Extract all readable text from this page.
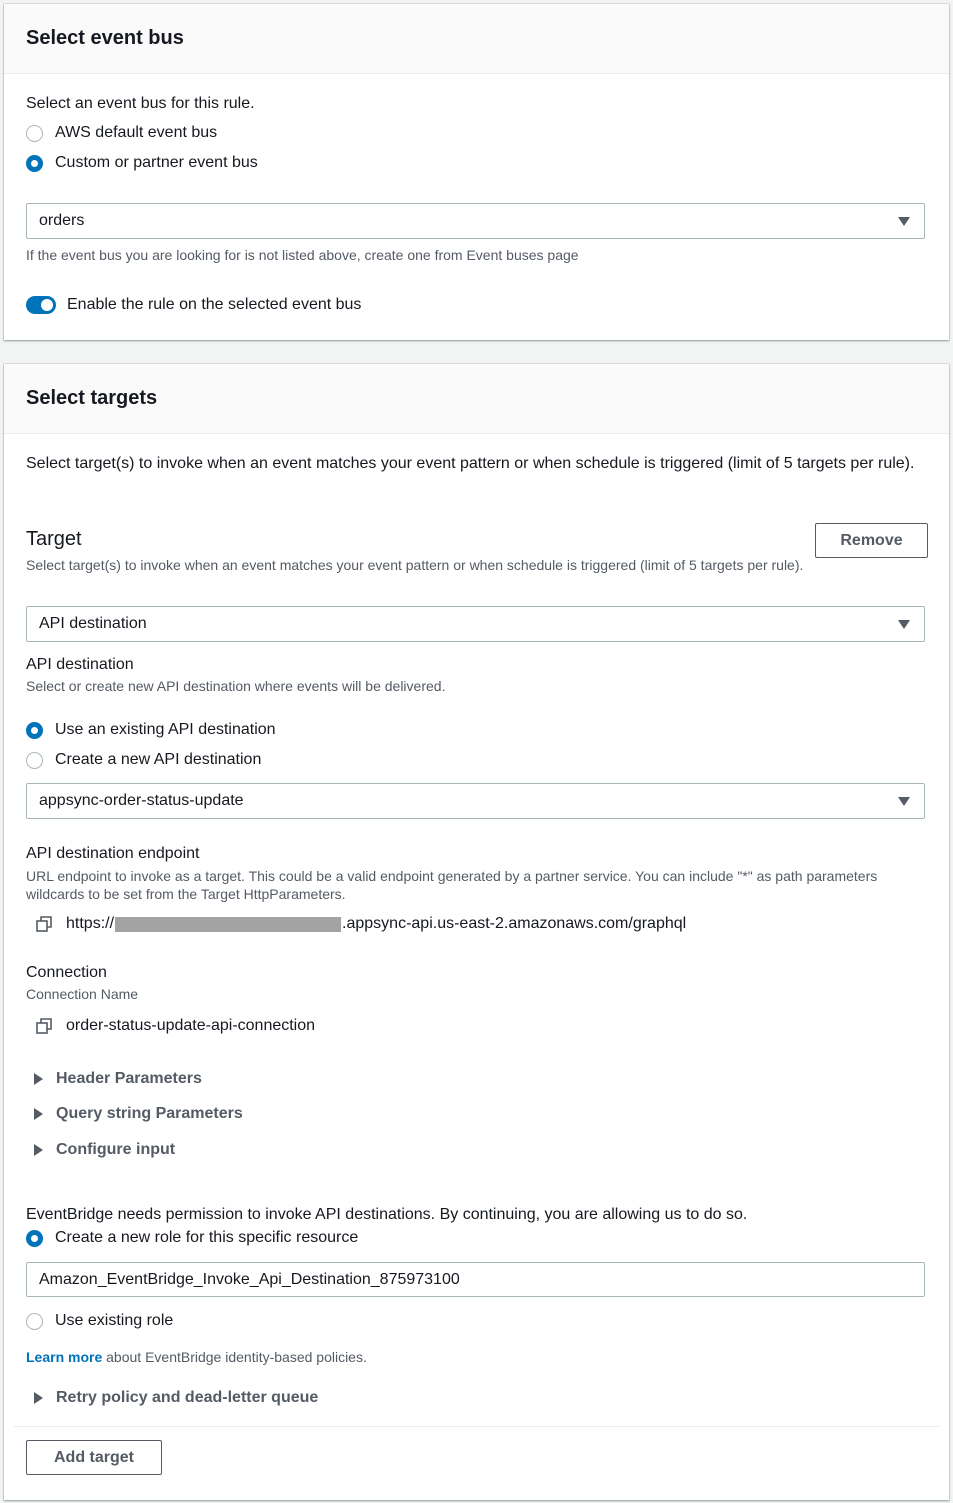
Select event bus
Select an event bus for this rule.
AWS default event bus
Custom or partner event bus
orders
If the event bus you are looking for is not listed above, create one from Event buses page
Enable the rule on the selected event bus
Select targets
Select target(s) to invoke when an event matches your event pattern or when schedule is triggered (limit of 5 targets per rule).
Target
Select target(s) to invoke when an event matches your event pattern or when schedule is triggered (limit of 5 targets per rule).
Remove
API destination
API destination
Select or create new API destination where events will be delivered.
Use an existing API destination
Create a new API destination
appsync-order-status-update
API destination endpoint
URL endpoint to invoke as a target. This could be a valid endpoint generated by a partner service. You can include "*" as path parameters wildcards to be set from the Target HttpParameters.
https://	.appsync-api.us-east-2.amazonaws.com/graphql
Connection
Connection Name
order-status-update-api-connection
Header Parameters
Query string Parameters
Configure input
EventBridge needs permission to invoke API destinations. By continuing, you are allowing us to do so.
Create a new role for this specific resource
Amazon_EventBridge_Invoke_Api_Destination_875973100
Use existing role
Learn more about EventBridge identity-based policies.
Retry policy and dead-letter queue
Add target
